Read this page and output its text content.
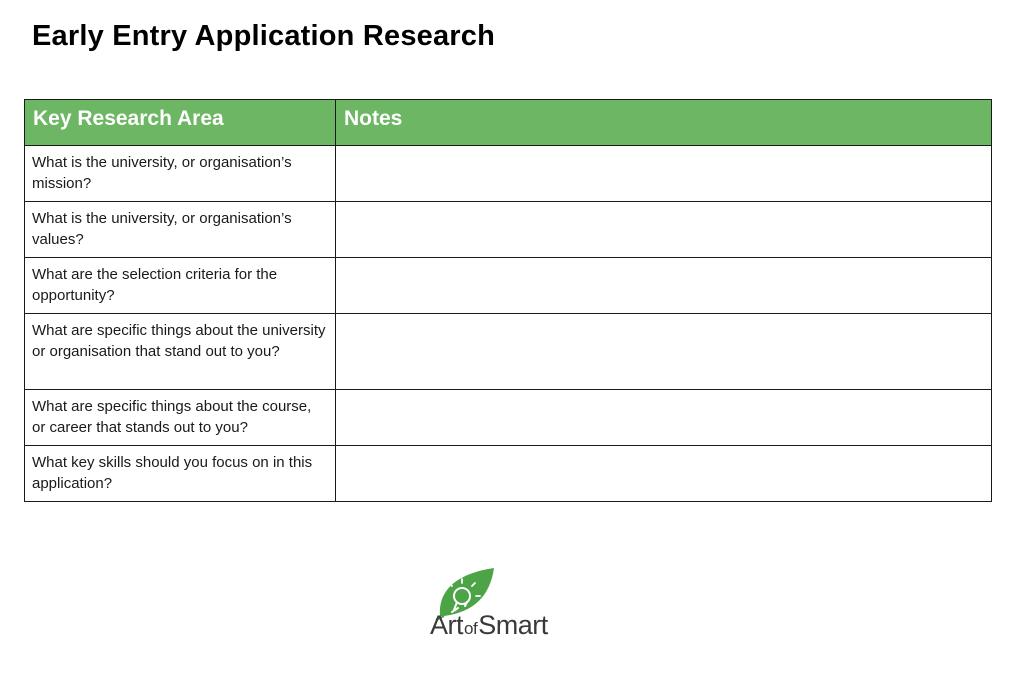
Early Entry Application Research
Key Research Area	Notes
What is the university, or organisation’s mission?	
What is the university, or organisation’s values?	
What are the selection criteria for the opportunity?	
What are specific things about the university or organisation that stand out to you?	
What are specific things about the course, or career that stands out to you?	
What key skills should you focus on in this application?	
ArtofSmart
